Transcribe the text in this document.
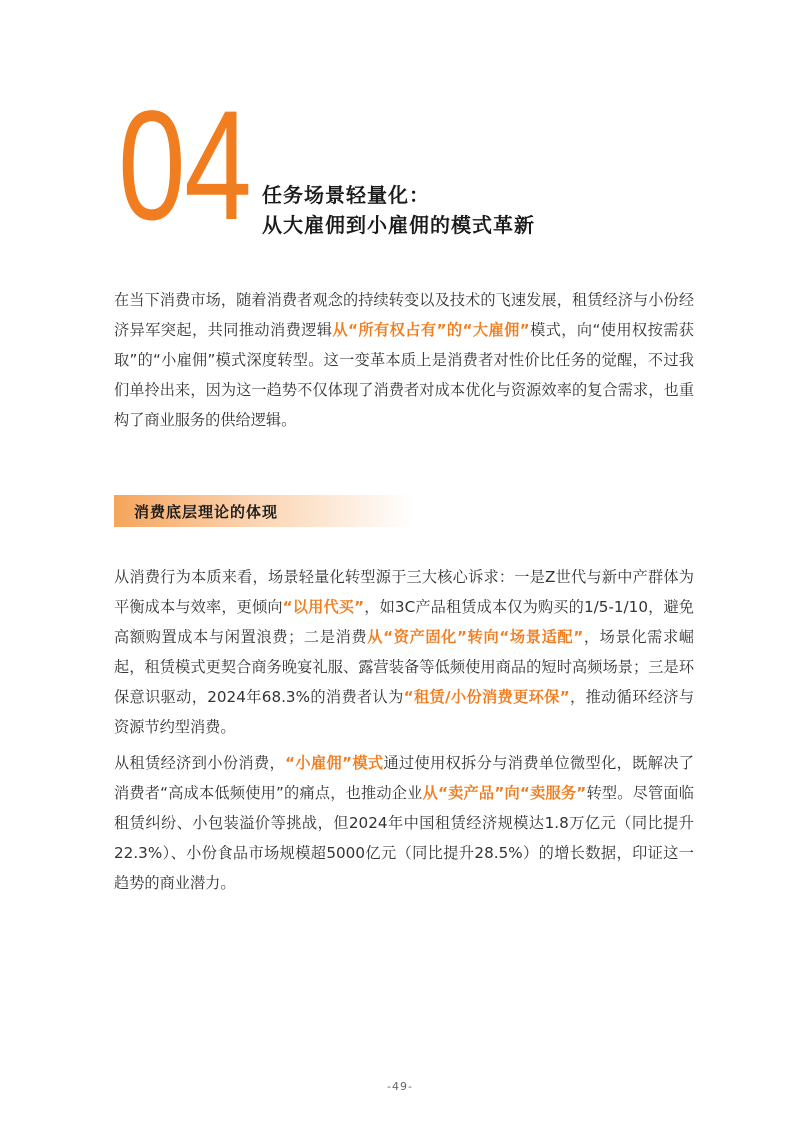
04 任务场景轻量化：
从大雇佣到小雇佣的模式革新

在当下消费市场，随着消费者观念的持续转变以及技术的飞速发展，租赁经济与小份经济异军突起，共同推动消费逻辑从“所有权占有”的“大雇佣”模式，向“使用权按需获取”的“小雇佣”模式深度转型。这一变革本质上是消费者对性价比任务的觉醒，不过我们单拎出来，因为这一趋势不仅体现了消费者对成本优化与资源效率的复合需求，也重构了商业服务的供给逻辑。

消费底层理论的体现

从消费行为本质来看，场景轻量化转型源于三大核心诉求：一是Z世代与新中产群体为平衡成本与效率，更倾向“以用代买”，如3C产品租赁成本仅为购买的1/5-1/10，避免高额购置成本与闲置浪费；二是消费从“资产固化”转向“场景适配”，场景化需求崛起，租赁模式更契合商务晚宴礼服、露营装备等低频使用商品的短时高频场景；三是环保意识驱动，2024年68.3%的消费者认为“租赁/小份消费更环保”，推动循环经济与资源节约型消费。

从租赁经济到小份消费，“小雇佣”模式通过使用权拆分与消费单位微型化，既解决了消费者“高成本低频使用”的痛点，也推动企业从“卖产品”向“卖服务”转型。尽管面临租赁纠纷、小包装溢价等挑战，但2024年中国租赁经济规模达1.8万亿元（同比提升22.3%）、小份食品市场规模超5000亿元（同比提升28.5%）的增长数据，印证这一趋势的商业潜力。

-49-
